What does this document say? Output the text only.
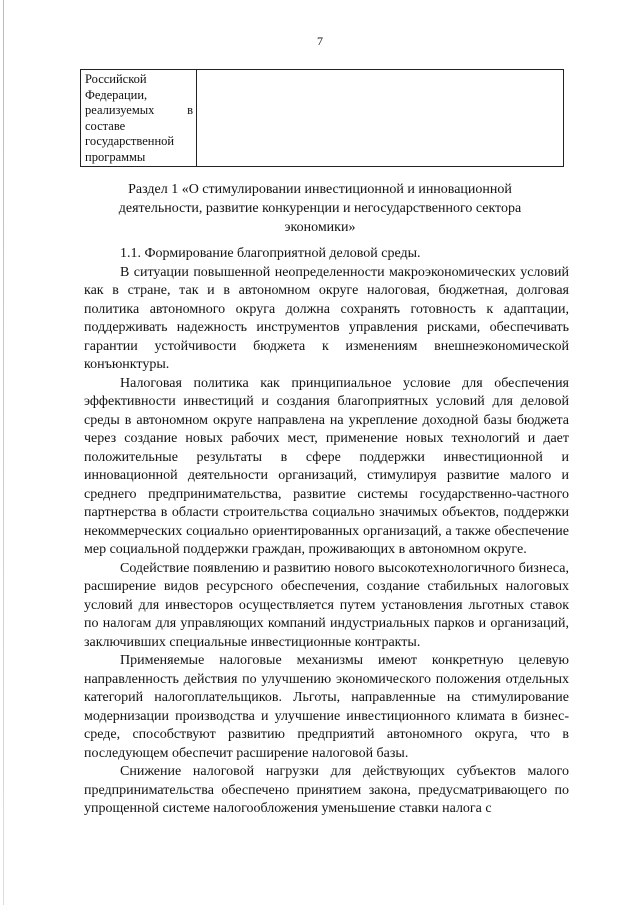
7
Российской
Федерации,
реализуемых	в
составе
государственной
программы

Раздел 1 «О стимулировании инвестиционной и инновационной деятельности, развитие конкуренции и негосударственного сектора экономики»

1.1. Формирование благоприятной деловой среды.

В ситуации повышенной неопределенности макроэкономических условий как в стране, так и в автономном округе налоговая, бюджетная, долговая политика автономного округа должна сохранять готовность к адаптации, поддерживать надежность инструментов управления рисками, обеспечивать гарантии устойчивости бюджета к изменениям внешнеэкономической конъюнктуры.

Налоговая политика как принципиальное условие для обеспечения эффективности инвестиций и создания благоприятных условий для деловой среды в автономном округе направлена на укрепление доходной базы бюджета через создание новых рабочих мест, применение новых технологий и дает положительные результаты в сфере поддержки инвестиционной и инновационной деятельности организаций, стимулируя развитие малого и среднего предпринимательства, развитие системы государственно-частного партнерства в области строительства социально значимых объектов, поддержки некоммерческих социально ориентированных организаций, а также обеспечение мер социальной поддержки граждан, проживающих в автономном округе.

Содействие появлению и развитию нового высокотехнологичного бизнеса, расширение видов ресурсного обеспечения, создание стабильных налоговых условий для инвесторов осуществляется путем установления льготных ставок по налогам для управляющих компаний индустриальных парков и организаций, заключивших специальные инвестиционные контракты.

Применяемые налоговые механизмы имеют конкретную целевую направленность действия по улучшению экономического положения отдельных категорий налогоплательщиков. Льготы, направленные на стимулирование модернизации производства и улучшение инвестиционного климата в бизнес-среде, способствуют развитию предприятий автономного округа, что в последующем обеспечит расширение налоговой базы.

Снижение налоговой нагрузки для действующих субъектов малого предпринимательства обеспечено принятием закона, предусматривающего по упрощенной системе налогообложения уменьшение ставки налога с
